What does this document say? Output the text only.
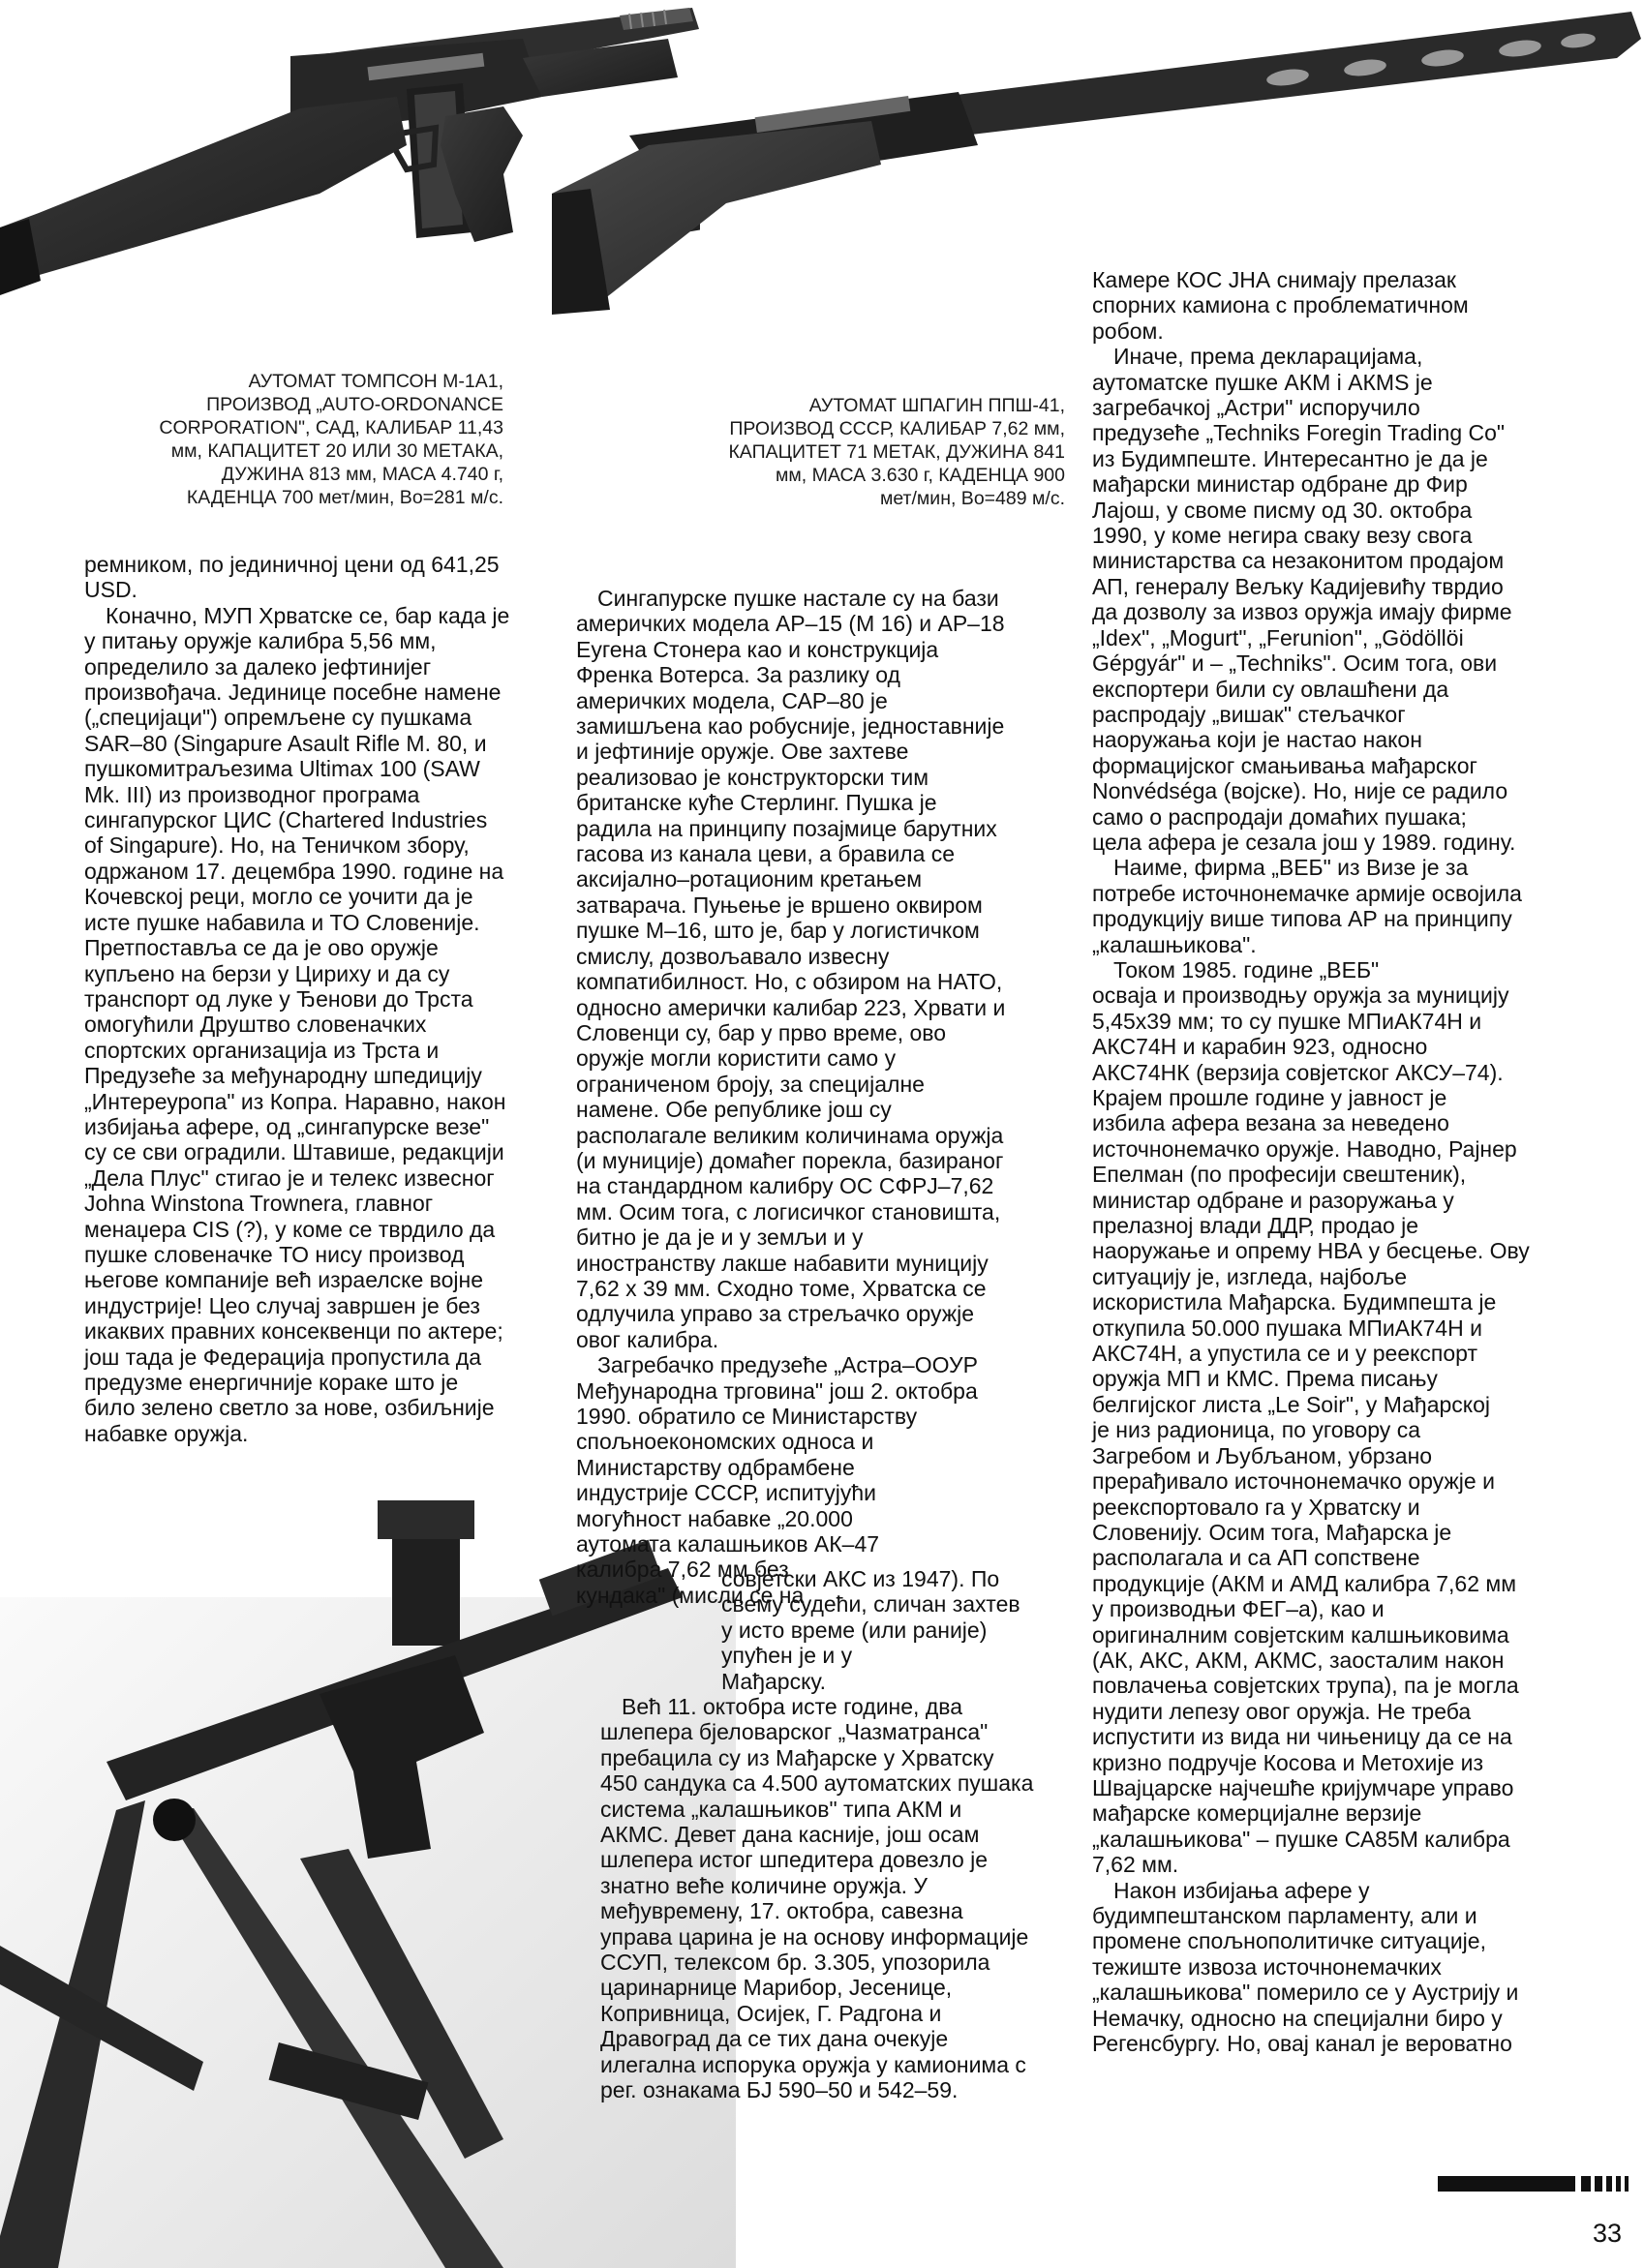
АУТОМАТ ТОМПСОН М-1А1,
ПРОИЗВОД „AUTO-ORDONANCE
CORPORATION", САД, КАЛИБАР 11,43
мм, КАПАЦИТЕТ 20 ИЛИ 30 МЕТАКА,
ДУЖИНА 813 мм, МАСА 4.740 г,
КАДЕНЦА 700 мет/мин, Во=281 м/с.
АУТОМАТ ШПАГИН ППШ-41,
ПРОИЗВОД СССР, КАЛИБАР 7,62 мм,
КАПАЦИТЕТ 71 МЕТАК, ДУЖИНА 841
мм, МАСА 3.630 г, КАДЕНЦА 900
мет/мин, Во=489 м/с.

ремником, по јединичној цени од 641,25
USD.

Коначно, МУП Хрватске се, бар када је
у питању оружје калибра 5,56 мм,
определило за далеко јефтинијег
произвођача. Јединице посебне намене
(„специјаци") опремљене су пушкама
SAR–80 (Singapure Asault Rifle M. 80, и
пушкомитраљезима Ultimax 100 (SAW
Mk. III) из производног програма
сингапурског ЦИС (Chartered Industries
of Singapure). Но, на Теничком збору,
одржаном 17. децембра 1990. године на
Кочевској реци, могло се уочити да је
исте пушке набавила и ТО Словеније.
Претпоставља се да је ово оружје
купљено на берзи у Цириху и да су
транспорт од луке у Ђенови до Трста
омогућили Друштво словеначких
спортских организација из Трста и
Предузеће за међународну шпедицију
„Интереуропа" из Копра. Наравно, након
избијања афере, од „сингапурске везе"
су се сви оградили. Штавише, редакцији
„Дела Плус" стигао је и телекс извесног
Johna Winstona Trownera, главног
менаџера CIS (?), у коме се тврдило да
пушке словеначке ТО нису производ
његове компаније већ израелске војне
индустрије! Цео случај завршен је без
икаквих правних консеквенци по актере;
још тада је Федерација пропустила да
предузме енергичније кораке што је
било зелено светло за нове, озбиљније
набавке оружја.

Сингапурске пушке настале су на бази
америчких модела АР–15 (М 16) и АР–18
Еугена Стонера као и конструкција
Френка Вотерса. За разлику од
америчких модела, САР–80 је
замишљена као робусније, једноставније
и јефтиније оружје. Ове захтеве
реализовао је конструкторски тим
британске куће Стерлинг. Пушка је
радила на принципу позајмице барутних
гасова из канала цеви, а бравила се
аксијално–ротационим кретањем
затварача. Пуњење је вршено оквиром
пушке М–16, што је, бар у логистичком
смислу, дозвољавало извесну
компатибилност. Но, с обзиром на НАТО,
односно амерички калибар 223, Хрвати и
Словенци су, бар у прво време, ово
оружје могли користити само у
ограниченом броју, за специјалне
намене. Обе републике још су
располагале великим количинама оружја
(и муниције) домаћег порекла, базираног
на стандардном калибру ОС СФРЈ–7,62
мм. Осим тога, с логисичког становишта,
битно је да је и у земљи и у
иностранству лакше набавити муницију
7,62 х 39 мм. Сходно томе, Хрватска се
одлучила управо за стрељачко оружје
овог калибра.

Загребачко предузеће „Астра–ООУР
Међународна трговина" још 2. октобра
1990. обратило се Министарству
спољноекономских односа и
Министарству одбрамбене
индустрије СССР, испитујући
могућност набавке „20.000
аутомата калашњиков АК–47
калибра 7,62 мм без
кундака" (мисли се на

совјетски АКС из 1947). По
свему судећи, сличан захтев
у исто време (или раније)
упућен је и у
Мађарску.

Већ 11. октобра исте године, два
шлепера бјеловарског „Чазматранса"
пребацила су из Мађарске у Хрватску
450 сандука са 4.500 аутоматских пушака
система „калашњиков" типа АКМ и
АКМС. Девет дана касније, још осам
шлепера истог шпедитера довезло је
знатно веће количине оружја. У
међувремену, 17. октобра, савезна
управа царина је на основу информације
ССУП, телексом бр. 3.305, упозорила
царинарнице Марибор, Јесенице,
Копривница, Осијек, Г. Радгона и
Дравоград да се тих дана очекује
илегална испорука оружја у камионима с
рег. ознакама БЈ 590–50 и 542–59.

Камере КОС ЈНА снимају прелазак
спорних камиона с проблематичном
робом.

Иначе, према декларацијама,
аутоматске пушке АКМ і АКMS је
загребачкој „Астри" испоручило
предузеће „Techniks Foregin Trading Co"
из Будимпеште. Интересантно је да је
мађарски министар одбране др Фир
Лајош, у своме писму од 30. октобра
1990, у коме негира сваку везу свога
министарства са незаконитом продајом
АП, генералу Вељку Кадијевићу тврдио
да дозволу за извоз оружја имају фирме
„Idex", „Mogurt", „Ferunion", „Gödöllöi
Gépgyár" и – „Techniks". Осим тога, ови
експортери били су овлашћени да
распродају „вишак" стељачког
наоружања који је настао након
формацијског смањивања мађарског
Nonvédséga (војске). Но, није се радило
само о распродаји домаћих пушака;
цела афера је сезала још у 1989. годину.

Наиме, фирма „ВЕБ" из Визе је за
потребе источнонемачке армије освојила
продукцију више типова АР на принципу
„калашњикова".

Током 1985. године „ВЕБ"
осваја и производњу оружја за муницију
5,45х39 мм; то су пушке МПиАК74Н и
АКС74Н и карабин 923, односно
АКС74НК (верзија совјетског АКСУ–74).
Крајем прошле године у јавност је
избила афера везана за неведено
источнонемачко оружје. Наводно, Рајнер
Епелман (по професији свештеник),
министар одбране и разоружања у
прелазној влади ДДР, продао је
наоружање и опрему НВА у бесцење. Ову
ситуацију је, изгледа, најбоље
искористила Мађарска. Будимпешта је
откупила 50.000 пушака МПиАК74Н и
АКС74Н, а упустила се и у реекспорт
оружја МП и КМС. Према писању
белгијског листа „Le Soir", у Мађарској
је низ радионица, по уговору са
Загребом и Љубљаном, убрзано
прерађивало источнонемачко оружје и
реекспортовало га у Хрватску и
Словенију. Осим тога, Мађарска је
располагала и са АП сопствене
продукције (АКМ и АМД калибра 7,62 мм
у производњи ФЕГ–а), као и
оригиналним совјетским калшњиковима
(АК, АКС, АКМ, АКМС, заосталим након
повлачења совјетских трупа), па је могла
нудити лепезу овог оружја. Не треба
испустити из вида ни чињеницу да се на
кризно подручје Косова и Метохије из
Швајцарске најчешће кријумчаре управо
мађарске комерцијалне верзије
„калашњикова" – пушке СА85М калибра
7,62 мм.

Након избијања афере у
будимпештанском парламенту, али и
промене спољнополитичке ситуације,
тежиште извоза источнонемачких
„калашњикова" померило се у Аустрију и
Немачку, односно на специјални биро у
Регенсбургу. Но, овај канал је вероватно

33
